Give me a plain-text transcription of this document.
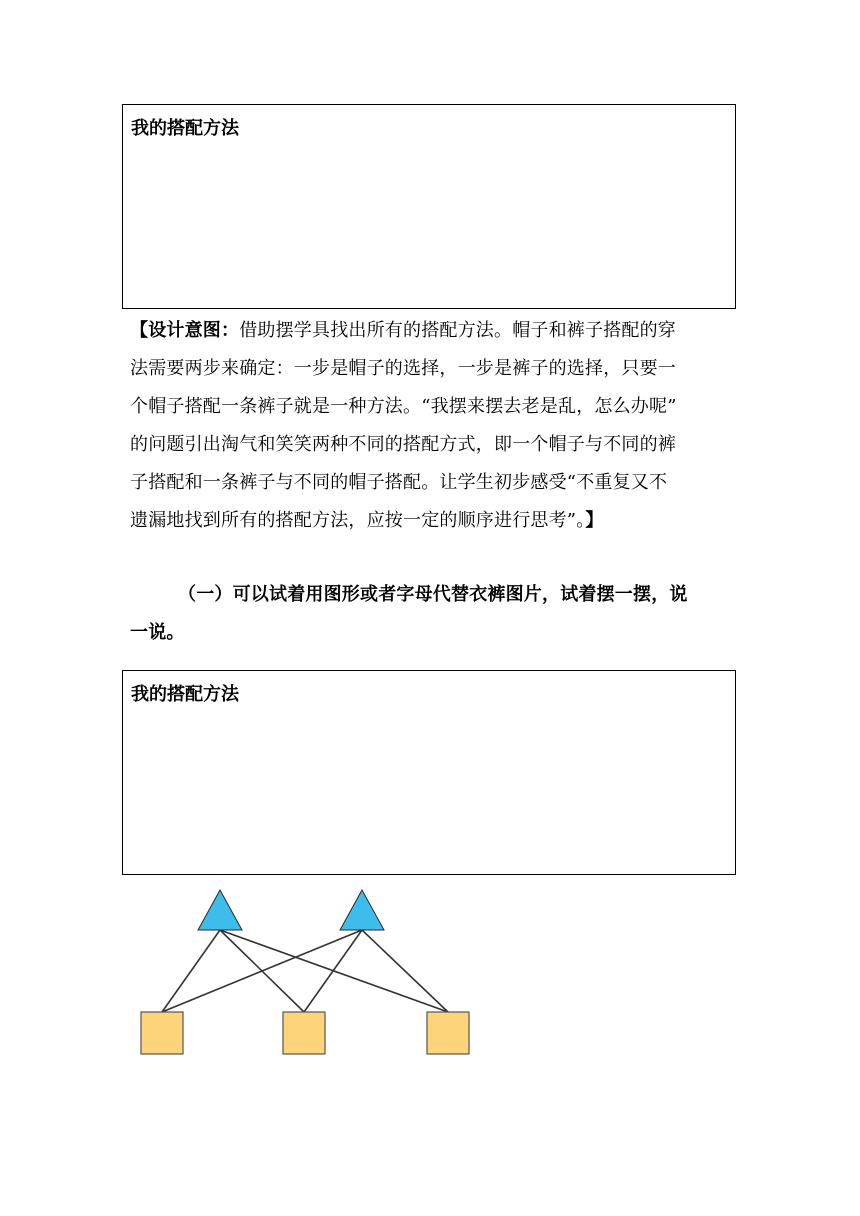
我的搭配方法
【设计意图：借助摆学具找出所有的搭配方法。帽子和裤子搭配的穿
法需要两步来确定：一步是帽子的选择，一步是裤子的选择，只要一
个帽子搭配一条裤子就是一种方法。“我摆来摆去老是乱，怎么办呢”
的问题引出淘气和笑笑两种不同的搭配方式，即一个帽子与不同的裤
子搭配和一条裤子与不同的帽子搭配。让学生初步感受“不重复又不
遗漏地找到所有的搭配方法，应按一定的顺序进行思考”。】
（一）可以试着用图形或者字母代替衣裤图片，试着摆一摆，说
一说。
我的搭配方法
